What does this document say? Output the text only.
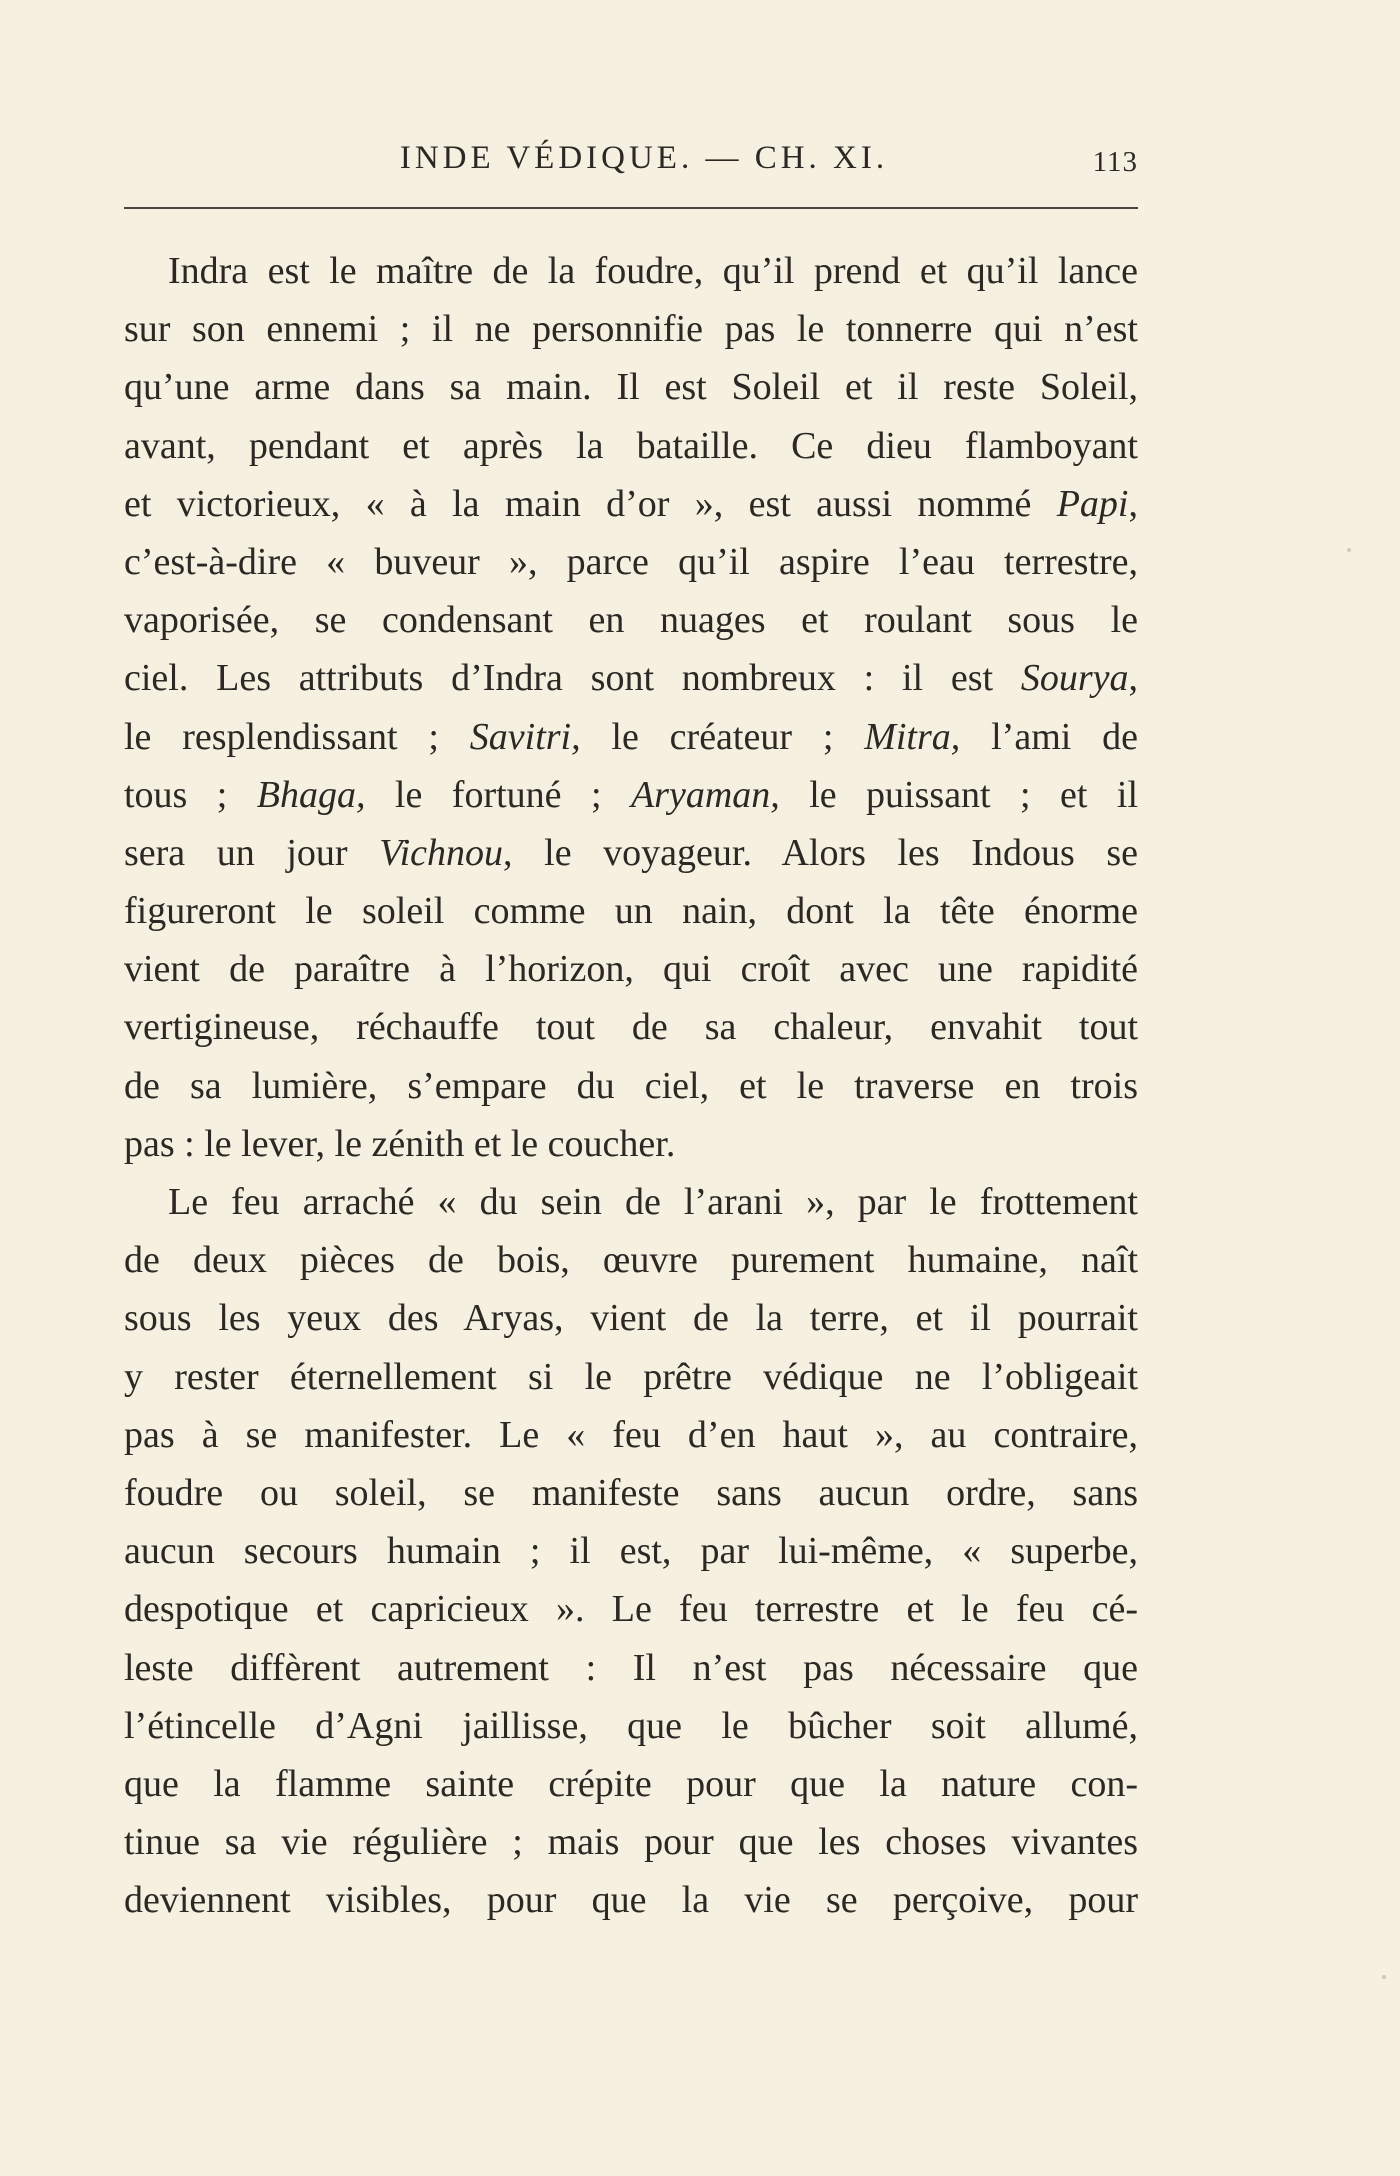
INDE VÉDIQUE. — CH. XI.	113
Indra est le maître de la foudre, qu’il prend et qu’il lance
sur son ennemi ; il ne personnifie pas le tonnerre qui n’est
qu’une arme dans sa main. Il est Soleil et il reste Soleil,
avant, pendant et après la bataille. Ce dieu flamboyant
et victorieux, « à la main d’or », est aussi nommé Papi,
c’est-à-dire « buveur », parce qu’il aspire l’eau terrestre,
vaporisée, se condensant en nuages et roulant sous le
ciel. Les attributs d’Indra sont nombreux : il est Sourya,
le resplendissant ; Savitri, le créateur ; Mitra, l’ami de
tous ; Bhaga, le fortuné ; Aryaman, le puissant ; et il
sera un jour Vichnou, le voyageur. Alors les Indous se
figureront le soleil comme un nain, dont la tête énorme
vient de paraître à l’horizon, qui croît avec une rapidité
vertigineuse, réchauffe tout de sa chaleur, envahit tout
de sa lumière, s’empare du ciel, et le traverse en trois
pas : le lever, le zénith et le coucher.
Le feu arraché « du sein de l’arani », par le frottement
de deux pièces de bois, œuvre purement humaine, naît
sous les yeux des Aryas, vient de la terre, et il pourrait
y rester éternellement si le prêtre védique ne l’obligeait
pas à se manifester. Le « feu d’en haut », au contraire,
foudre ou soleil, se manifeste sans aucun ordre, sans
aucun secours humain ; il est, par lui-même, « superbe,
despotique et capricieux ». Le feu terrestre et le feu cé-
leste diffèrent autrement : Il n’est pas nécessaire que
l’étincelle d’Agni jaillisse, que le bûcher soit allumé,
que la flamme sainte crépite pour que la nature con-
tinue sa vie régulière ; mais pour que les choses vivantes
deviennent visibles, pour que la vie se perçoive, pour
